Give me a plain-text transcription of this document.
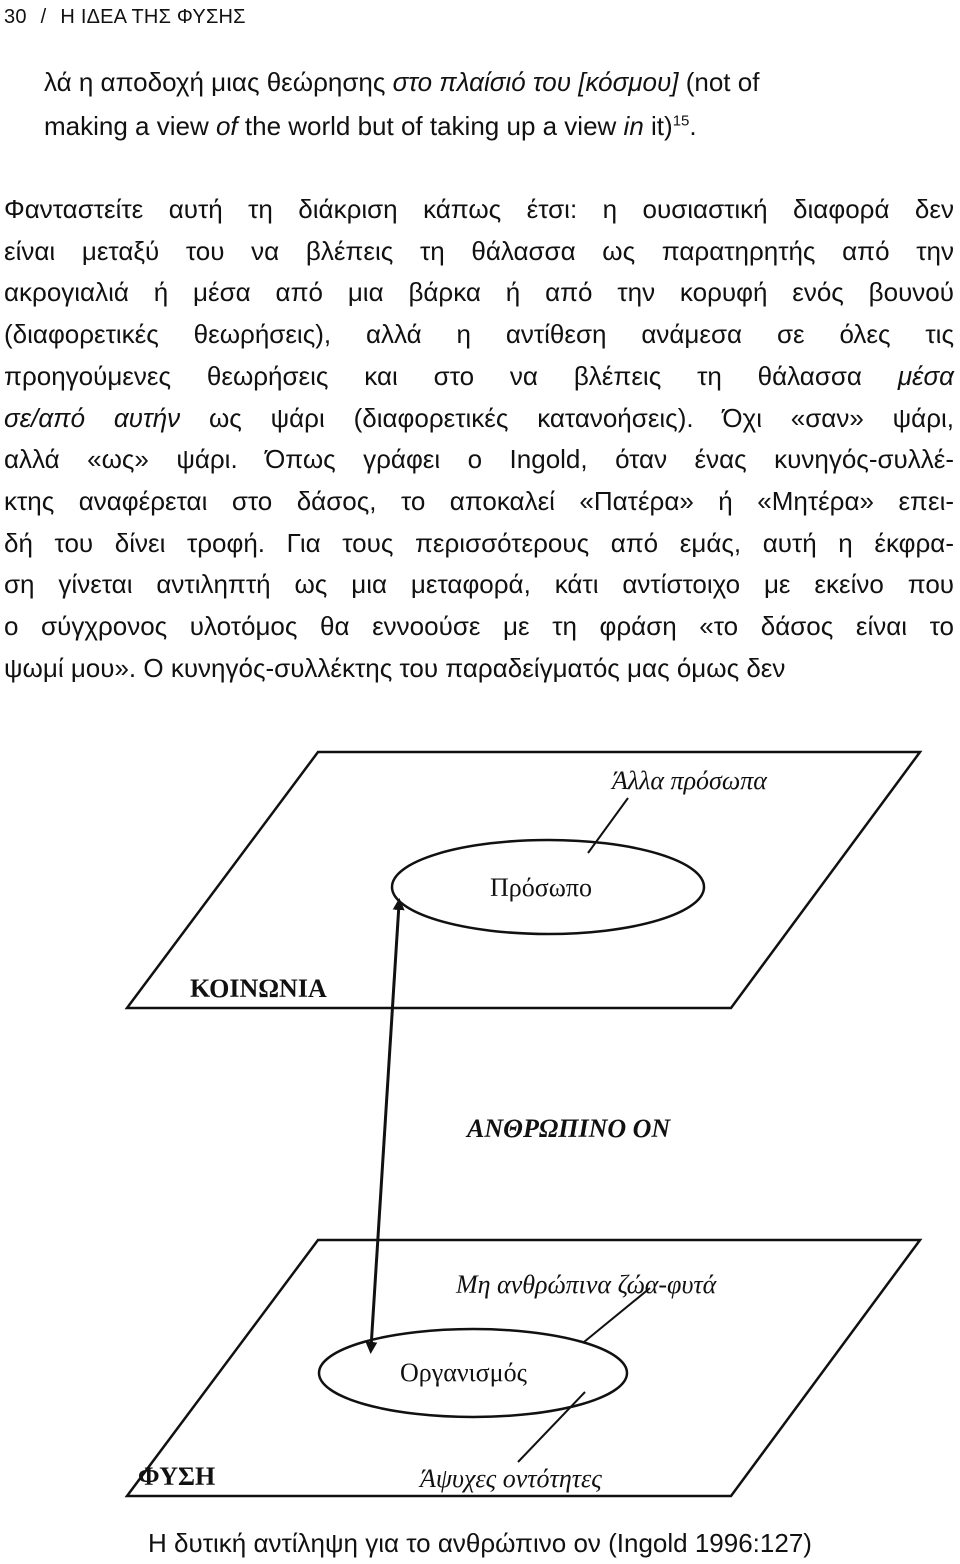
30 / Η ΙΔΕΑ ΤΗΣ ΦΥΣΗΣ
λά η αποδοχή μιας θεώρησης στο πλαίσιό του [κόσμου] (not of
making a view of the world but of taking up a view in it)$^{15}$.
Φανταστείτε αυτή τη διάκριση κάπως έτσι: η ουσιαστική διαφορά δεν
είναι μεταξύ του να βλέπεις τη θάλασσα ως παρατηρητής από την
ακρογιαλιά ή μέσα από μια βάρκα ή από την κορυφή ενός βουνού
(διαφορετικές θεωρήσεις), αλλά η αντίθεση ανάμεσα σε όλες τις
προηγούμενες θεωρήσεις και στο να βλέπεις τη θάλασσα μέσα
σε/από αυτήν ως ψάρι (διαφορετικές κατανοήσεις). Όχι «σαν» ψάρι,
αλλά «ως» ψάρι. Όπως γράφει ο Ingold, όταν ένας κυνηγός-συλλέ-
κτης αναφέρεται στο δάσος, το αποκαλεί «Πατέρα» ή «Μητέρα» επει-
δή του δίνει τροφή. Για τους περισσότερους από εμάς, αυτή η έκφρα-
ση γίνεται αντιληπτή ως μια μεταφορά, κάτι αντίστοιχο με εκείνο που
ο σύγχρονος υλοτόμος θα εννοούσε με τη φράση «το δάσος είναι το
ψωμί μου». Ο κυνηγός-συλλέκτης του παραδείγματός μας όμως δεν
Άλλα πρόσωπα
Πρόσωπο
ΚΟΙΝΩΝΙΑ
ΑΝΘΡΩΠΙΝΟ ΟΝ
Μη ανθρώπινα ζώα-φυτά
Οργανισμός
ΦΥΣΗ	Άψυχες οντότητες
Η δυτική αντίληψη για το ανθρώπινο ον (Ingold 1996:127)
